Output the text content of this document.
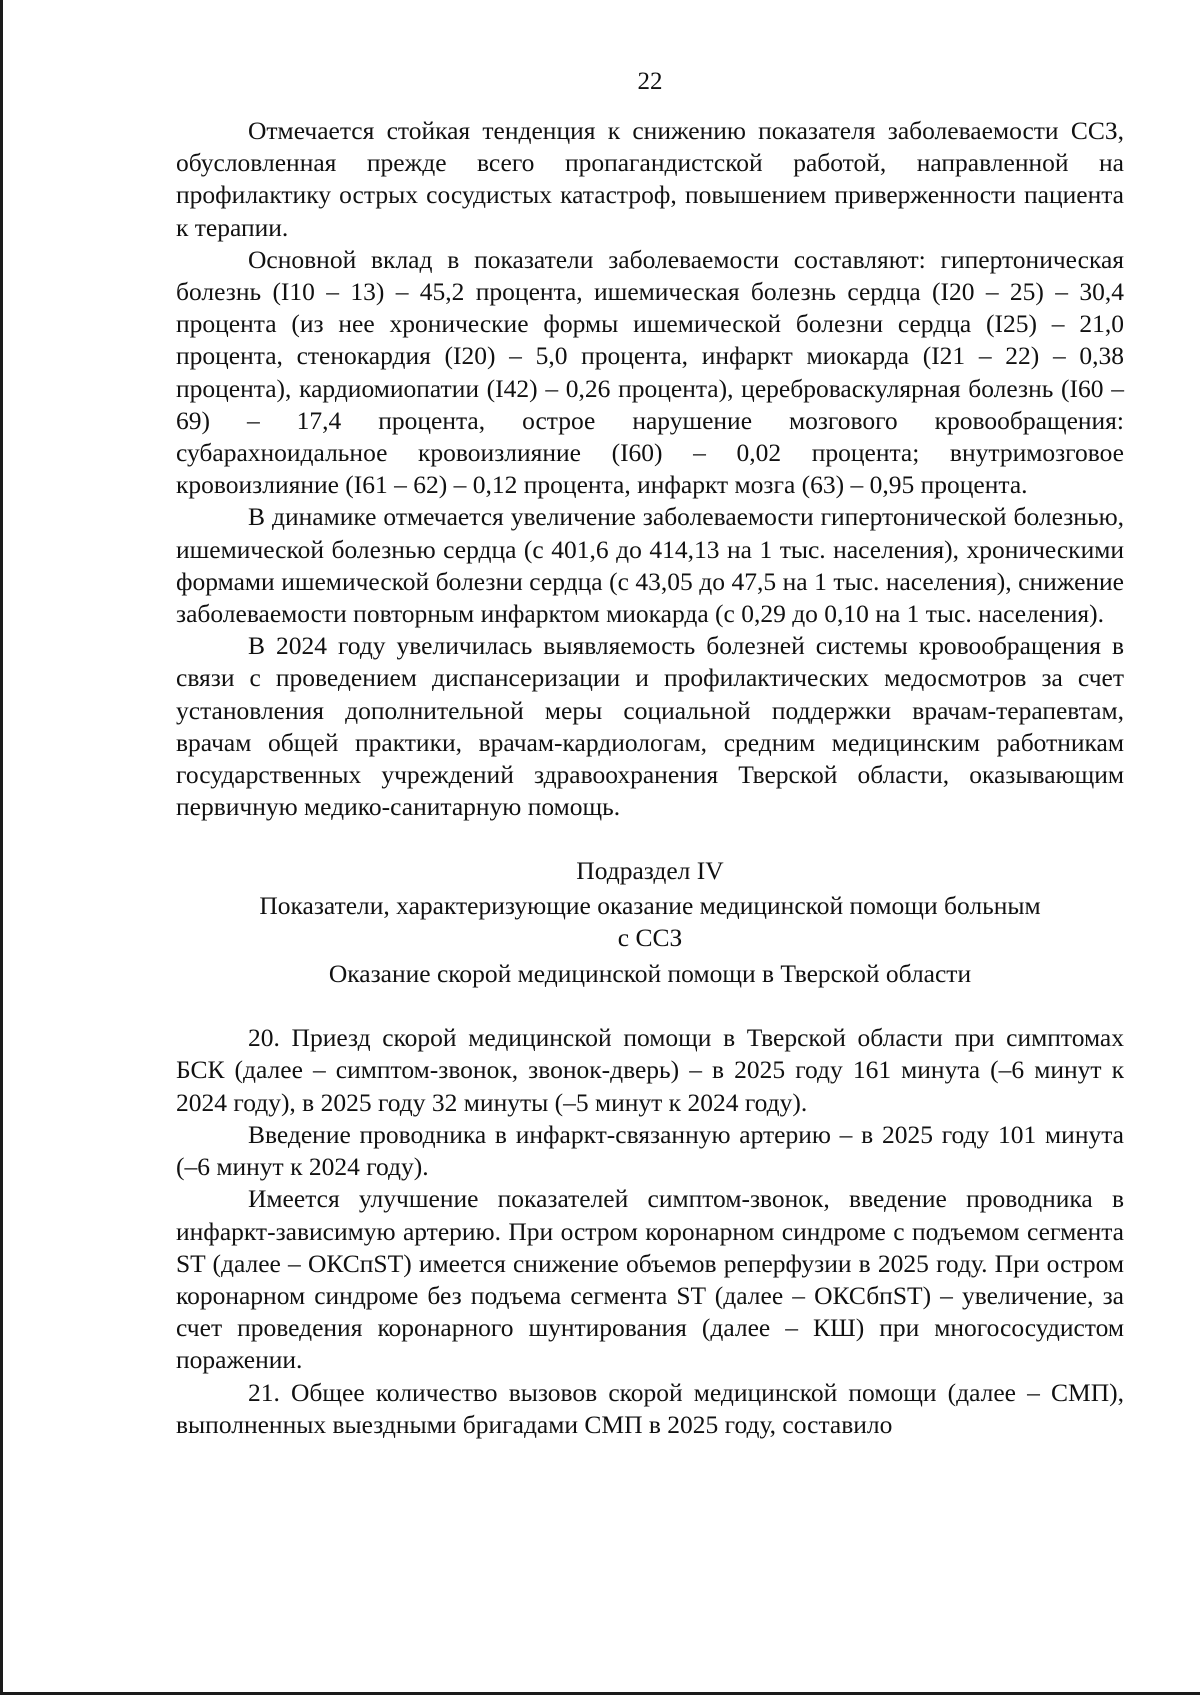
22

Отмечается стойкая тенденция к снижению показателя заболеваемости ССЗ, обусловленная прежде всего пропагандистской работой, направленной на профилактику острых сосудистых катастроф, повышением приверженности пациента к терапии.

Основной вклад в показатели заболеваемости составляют: гипертоническая болезнь (I10 – 13) – 45,2 процента, ишемическая болезнь сердца (I20 – 25) – 30,4 процента (из нее хронические формы ишемической болезни сердца (I25) – 21,0 процента, стенокардия (I20) – 5,0 процента, инфаркт миокарда (I21 – 22) – 0,38 процента), кардиомиопатии (I42) – 0,26 процента), цереброваскулярная болезнь (I60 – 69) – 17,4 процента, острое нарушение мозгового кровообращения: субарахноидальное кровоизлияние (I60) – 0,02 процента; внутримозговое кровоизлияние (I61 – 62) – 0,12 процента, инфаркт мозга (63) – 0,95 процента.

В динамике отмечается увеличение заболеваемости гипертонической болезнью, ишемической болезнью сердца (с 401,6 до 414,13 на 1 тыс. населения), хроническими формами ишемической болезни сердца (с 43,05 до 47,5 на 1 тыс. населения), снижение заболеваемости повторным инфарктом миокарда (с 0,29 до 0,10 на 1 тыс. населения).

В 2024 году увеличилась выявляемость болезней системы кровообращения в связи с проведением диспансеризации и профилактических медосмотров за счет установления дополнительной меры социальной поддержки врачам-терапевтам, врачам общей практики, врачам-кардиологам, средним медицинским работникам государственных учреждений здравоохранения Тверской области, оказывающим первичную медико-санитарную помощь.

Подраздел IV
Показатели, характеризующие оказание медицинской помощи больным
с ССЗ
Оказание скорой медицинской помощи в Тверской области

20. Приезд скорой медицинской помощи в Тверской области при симптомах БСК (далее – симптом-звонок, звонок-дверь) – в 2025 году 161 минута (–6 минут к 2024 году), в 2025 году 32 минуты (–5 минут к 2024 году).

Введение проводника в инфаркт-связанную артерию – в 2025 году 101 минута (–6 минут к 2024 году).

Имеется улучшение показателей симптом-звонок, введение проводника в инфаркт-зависимую артерию. При остром коронарном синдроме с подъемом сегмента ST (далее – ОКСпST) имеется снижение объемов реперфузии в 2025 году. При остром коронарном синдроме без подъема сегмента ST (далее – ОКСбпST) – увеличение, за счет проведения коронарного шунтирования (далее – КШ) при многососудистом поражении.

21. Общее количество вызовов скорой медицинской помощи (далее – СМП), выполненных выездными бригадами СМП в 2025 году, составило
